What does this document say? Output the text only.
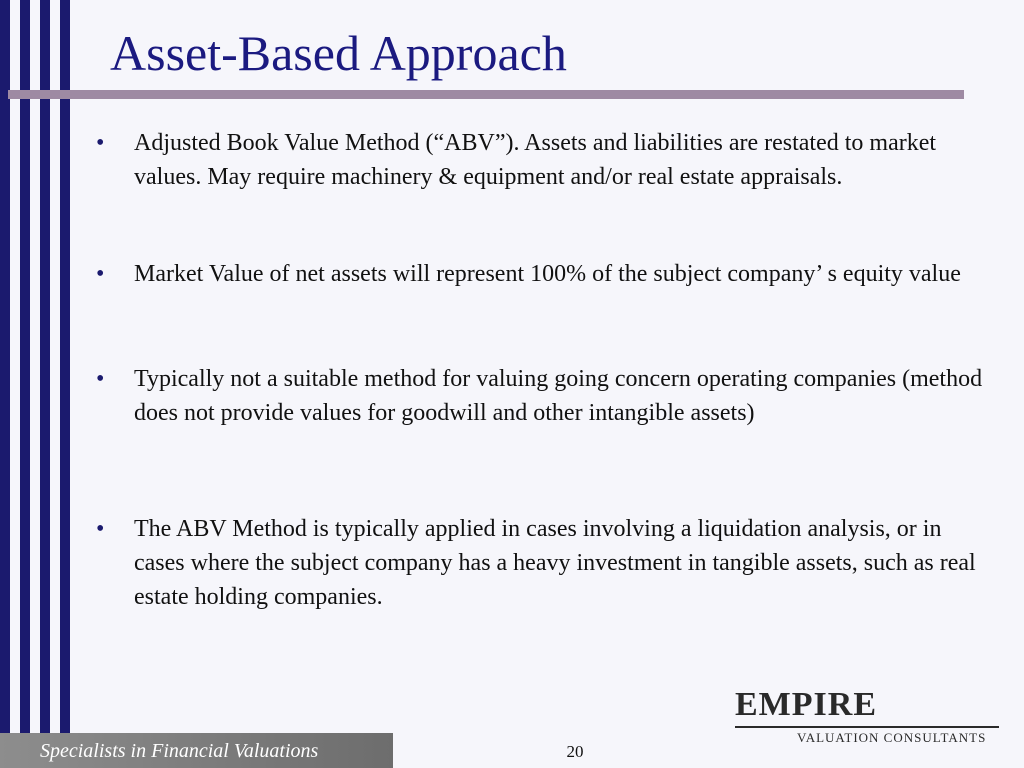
Asset-Based Approach
• Adjusted Book Value Method (“ABV”). Assets and liabilities are restated to market values. May require machinery & equipment and/or real estate appraisals.
• Market Value of net assets will represent 100% of the subject company’ s equity value
• Typically not a suitable method for valuing going concern operating companies (method does not provide values for goodwill and other intangible assets)
• The ABV Method is typically applied in cases involving a liquidation analysis, or in cases where the subject company has a heavy investment in tangible assets, such as real estate holding companies.
Specialists in Financial Valuations	20
EMPIRE
VALUATION CONSULTANTS
